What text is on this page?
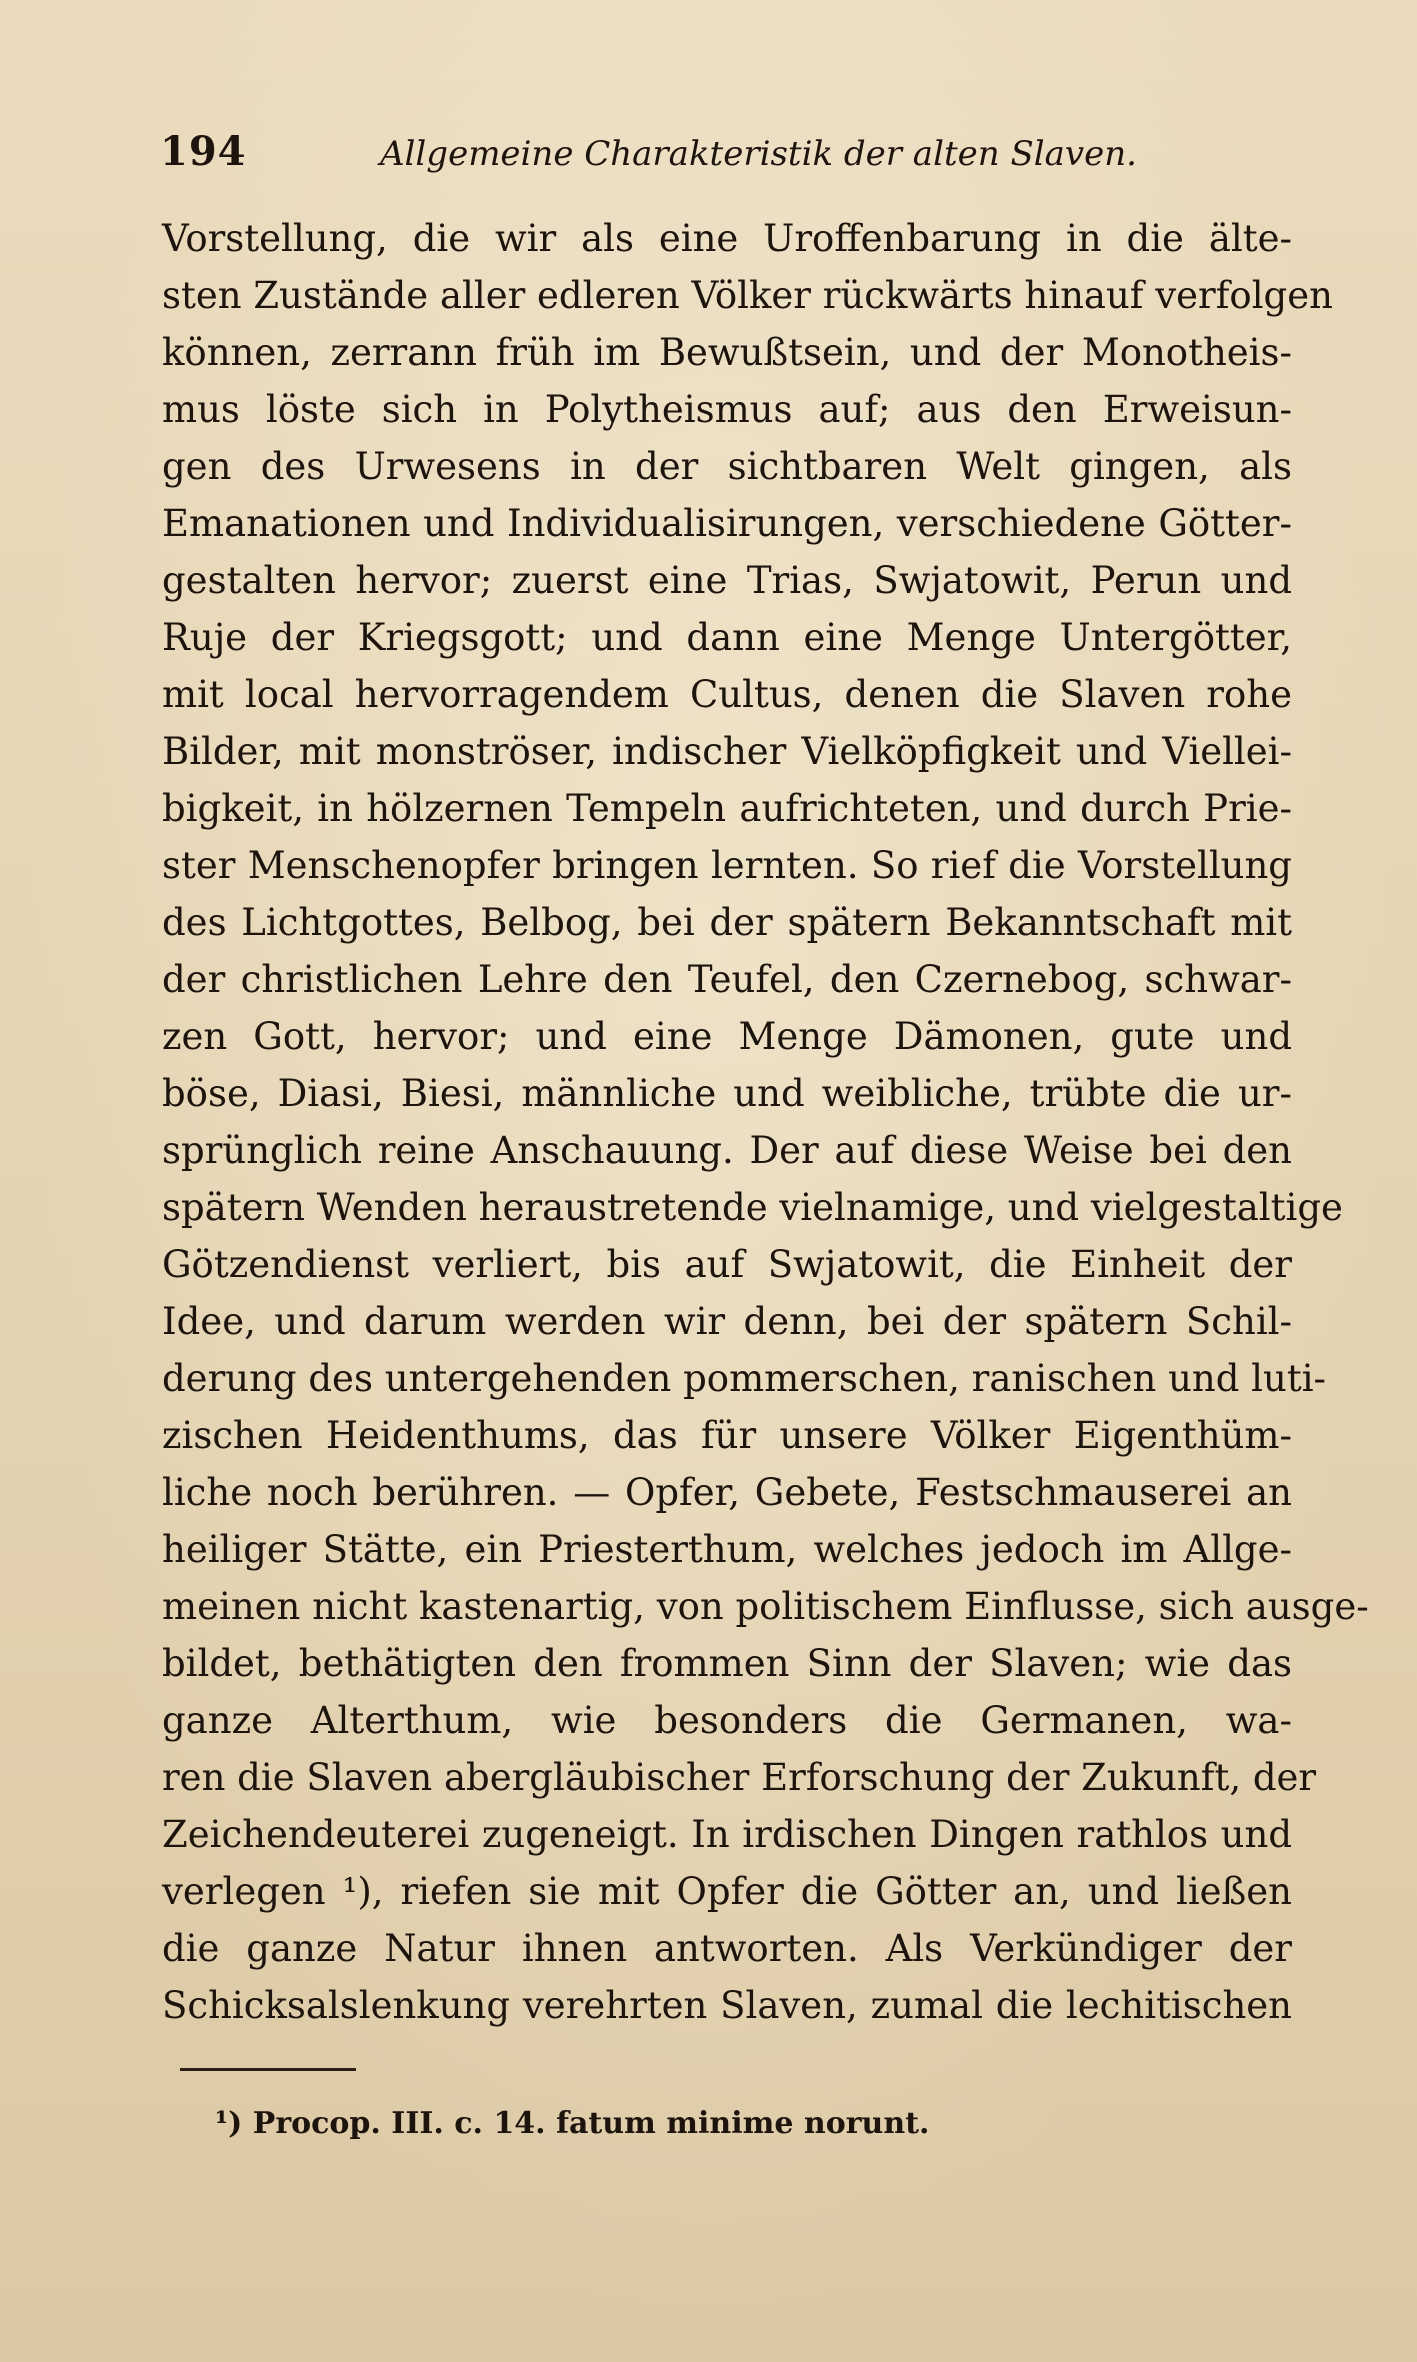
194	Allgemeine Charakteristik der alten Slaven.
Vorstellung, die wir als eine Uroffenbarung in die älte-
sten Zustände aller edleren Völker rückwärts hinauf verfolgen
können, zerrann früh im Bewußtsein, und der Monotheis-
mus löste sich in Polytheismus auf; aus den Erweisun-
gen des Urwesens in der sichtbaren Welt gingen, als
Emanationen und Individualisirungen, verschiedene Götter-
gestalten hervor; zuerst eine Trias, Swjatowit, Perun und
Ruje der Kriegsgott; und dann eine Menge Untergötter,
mit local hervorragendem Cultus, denen die Slaven rohe
Bilder, mit monströser, indischer Vielköpfigkeit und Viellei-
bigkeit, in hölzernen Tempeln aufrichteten, und durch Prie-
ster Menschenopfer bringen lernten. So rief die Vorstellung
des Lichtgottes, Belbog, bei der spätern Bekanntschaft mit
der christlichen Lehre den Teufel, den Czernebog, schwar-
zen Gott, hervor; und eine Menge Dämonen, gute und
böse, Diasi, Biesi, männliche und weibliche, trübte die ur-
sprünglich reine Anschauung. Der auf diese Weise bei den
spätern Wenden heraustretende vielnamige, und vielgestaltige
Götzendienst verliert, bis auf Swjatowit, die Einheit der
Idee, und darum werden wir denn, bei der spätern Schil-
derung des untergehenden pommerschen, ranischen und luti-
zischen Heidenthums, das für unsere Völker Eigenthüm-
liche noch berühren. — Opfer, Gebete, Festschmauserei an
heiliger Stätte, ein Priesterthum, welches jedoch im Allge-
meinen nicht kastenartig, von politischem Einflusse, sich ausge-
bildet, bethätigten den frommen Sinn der Slaven; wie das
ganze Alterthum, wie besonders die Germanen, wa-
ren die Slaven abergläubischer Erforschung der Zukunft, der
Zeichendeuterei zugeneigt. In irdischen Dingen rathlos und
verlegen ¹), riefen sie mit Opfer die Götter an, und ließen
die ganze Natur ihnen antworten. Als Verkündiger der
Schicksalslenkung verehrten Slaven, zumal die lechitischen
¹) Procop. III. c. 14. fatum minime norunt.
